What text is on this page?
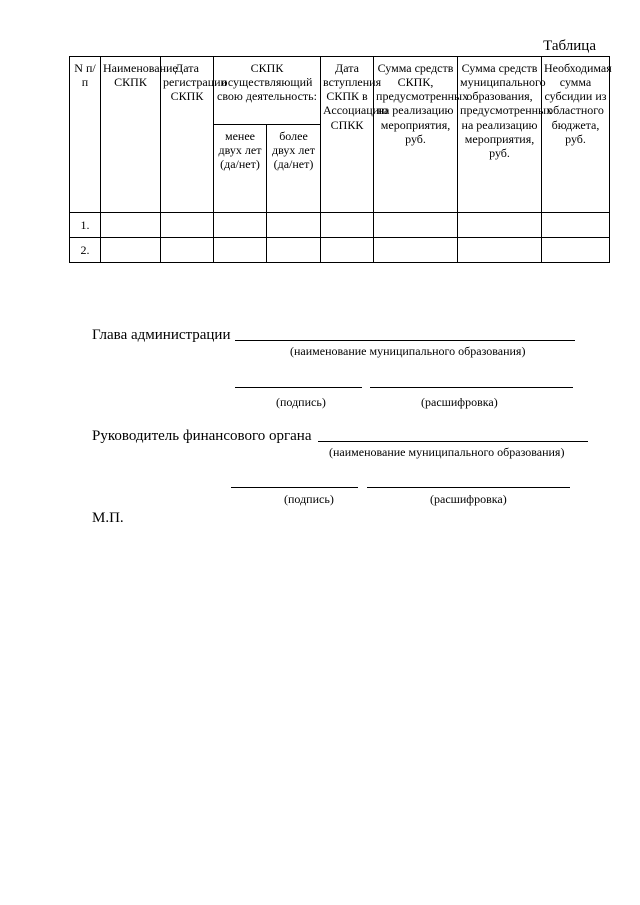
Таблица
N п/п	Наименование СКПК	Дата регистрации СКПК	СКПК осуществляющий свою деятельность:		Дата вступления СКПК в Ассоциацию СПКК	Сумма средств СКПК, предусмотренных на реализацию мероприятия, руб.	Сумма средств муниципального образования, предусмотренных на реализацию мероприятия, руб.	Необходимая сумма субсидии из областного бюджета, руб.
			менее двух лет (да/нет)	более двух лет (да/нет)				
1.								
2.								
Глава администрации
(наименование муниципального образования)
(подпись)	(расшифровка)
Руководитель финансового органа
(наименование муниципального образования)
(подпись)	(расшифровка)
М.П.
